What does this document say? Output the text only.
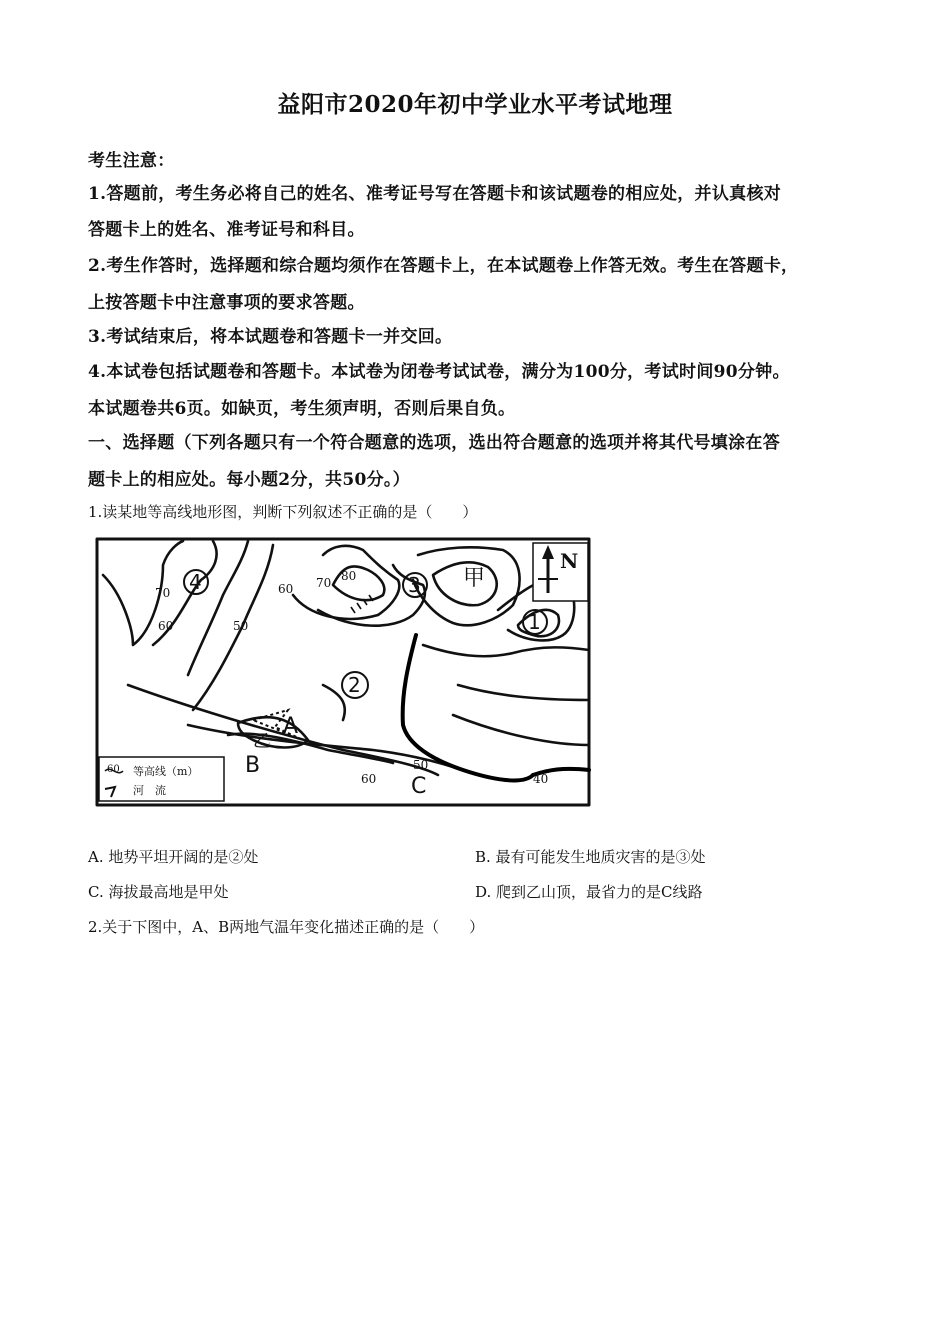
益阳市2020年初中学业水平考试地理
考生注意：
1.答题前，考生务必将自己的姓名、准考证号写在答题卡和该试题卷的相应处，并认真核对
答题卡上的姓名、准考证号和科目。
2.考生作答时，选择题和综合题均须作在答题卡上，在本试题卷上作答无效。考生在答题卡，
上按答题卡中注意事项的要求答题。
3.考试结束后，将本试题卷和答题卡一并交回。
4.本试卷包括试题卷和答题卡。本试卷为闭卷考试试卷，满分为100分，考试时间90分钟。
本试题卷共6页。如缺页，考生须声明，否则后果自负。
一、选择题（下列各题只有一个符合题意的选项，选出符合题意的选项并将其代号填涂在答
题卡上的相应处。每小题2分，共50分。）
1.读某地等高线地形图，判断下列叙述不正确的是（　　）
N
4
2
3
1
甲
乙
A
B
C
70
60	50
60 70 80
60
50
40
60 等高线（m）
河　流
A. 地势平坦开阔的是②处	B. 最有可能发生地质灾害的是③处
C. 海拔最高地是甲处	D. 爬到乙山顶，最省力的是C线路
2.关于下图中，A、B两地气温年变化描述正确的是（　　）
